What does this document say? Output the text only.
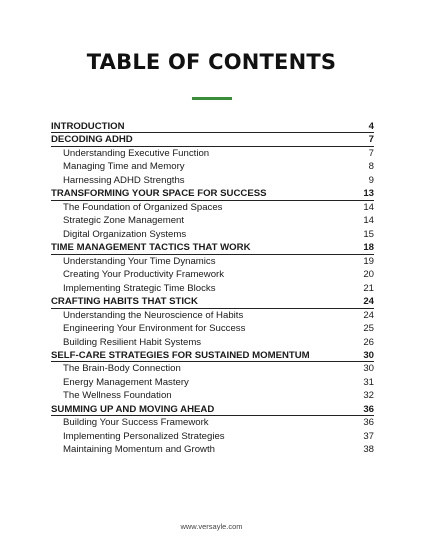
TABLE OF CONTENTS
INTRODUCTION	4
DECODING ADHD	7
Understanding Executive Function	7
Managing Time and Memory	8
Harnessing ADHD Strengths	9
TRANSFORMING YOUR SPACE FOR SUCCESS	13
The Foundation of Organized Spaces	14
Strategic Zone Management	14
Digital Organization Systems	15
TIME MANAGEMENT TACTICS THAT WORK	18
Understanding Your Time Dynamics	19
Creating Your Productivity Framework	20
Implementing Strategic Time Blocks	21
CRAFTING HABITS THAT STICK	24
Understanding the Neuroscience of Habits	24
Engineering Your Environment for Success	25
Building Resilient Habit Systems	26
SELF-CARE STRATEGIES FOR SUSTAINED MOMENTUM	30
The Brain-Body Connection	30
Energy Management Mastery	31
The Wellness Foundation	32
SUMMING UP AND MOVING AHEAD	36
Building Your Success Framework	36
Implementing Personalized Strategies	37
Maintaining Momentum and Growth	38
www.versayle.com
